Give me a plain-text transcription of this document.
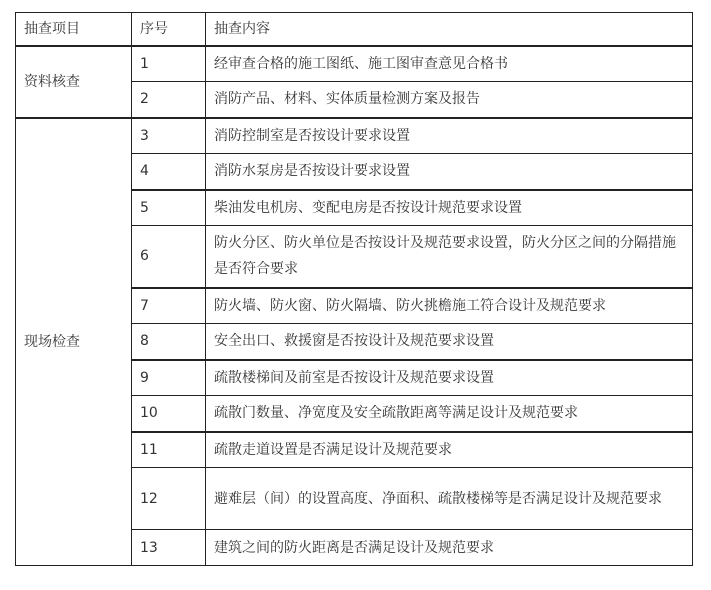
抽查项目	序号	抽查内容
资料核查	1	经审查合格的施工图纸、施工图审查意见合格书
	2	消防产品、材料、实体质量检测方案及报告
现场检查	3	消防控制室是否按设计要求设置
	4	消防水泵房是否按设计要求设置
	5	柴油发电机房、变配电房是否按设计规范要求设置
	6	防火分区、防火单位是否按设计及规范要求设置，防火分区之间的分隔措施是否符合要求
	7	防火墙、防火窗、防火隔墙、防火挑檐施工符合设计及规范要求
	8	安全出口、救援窗是否按设计及规范要求设置
	9	疏散楼梯间及前室是否按设计及规范要求设置
	10	疏散门数量、净宽度及安全疏散距离等满足设计及规范要求
	11	疏散走道设置是否满足设计及规范要求
	12	避难层（间）的设置高度、净面积、疏散楼梯等是否满足设计及规范要求
	13	建筑之间的防火距离是否满足设计及规范要求
